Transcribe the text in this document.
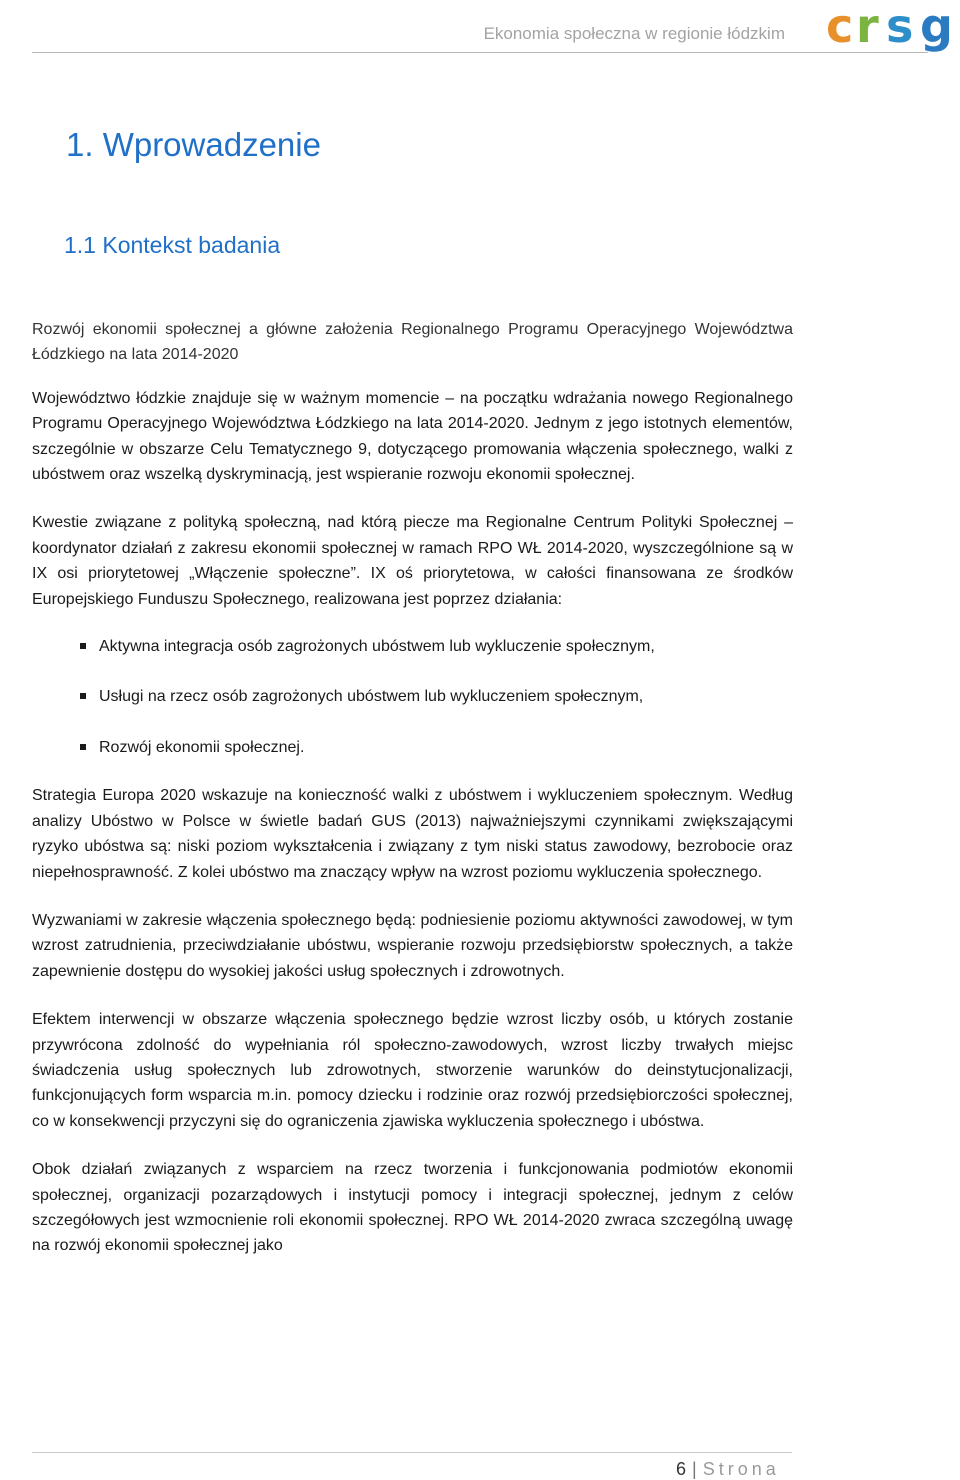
Ekonomia społeczna w regionie łódzkim c r s g
1. Wprowadzenie
1.1 Kontekst badania

Rozwój ekonomii społecznej a główne założenia Regionalnego Programu Operacyjnego Województwa Łódzkiego na lata 2014-2020

Województwo łódzkie znajduje się w ważnym momencie – na początku wdrażania nowego Regionalnego Programu Operacyjnego Województwa Łódzkiego na lata 2014-2020. Jednym z jego istotnych elementów, szczególnie w obszarze Celu Tematycznego 9, dotyczącego promowania włączenia społecznego, walki z ubóstwem oraz wszelką dyskryminacją, jest wspieranie rozwoju ekonomii społecznej.

Kwestie związane z polityką społeczną, nad którą piecze ma Regionalne Centrum Polityki Społecznej – koordynator działań z zakresu ekonomii społecznej w ramach RPO WŁ 2014-2020, wyszczególnione są w IX osi priorytetowej „Włączenie społeczne”. IX oś priorytetowa, w całości finansowana ze środków Europejskiego Funduszu Społecznego, realizowana jest poprzez działania:

Aktywna integracja osób zagrożonych ubóstwem lub wykluczenie społecznym,
Usługi na rzecz osób zagrożonych ubóstwem lub wykluczeniem społecznym,
Rozwój ekonomii społecznej.

Strategia Europa 2020 wskazuje na konieczność walki z ubóstwem i wykluczeniem społecznym. Według analizy Ubóstwo w Polsce w świetle badań GUS (2013) najważniejszymi czynnikami zwiększającymi ryzyko ubóstwa są: niski poziom wykształcenia i związany z tym niski status zawodowy, bezrobocie oraz niepełnosprawność. Z kolei ubóstwo ma znaczący wpływ na wzrost poziomu wykluczenia społecznego.

Wyzwaniami w zakresie włączenia społecznego będą: podniesienie poziomu aktywności zawodowej, w tym wzrost zatrudnienia, przeciwdziałanie ubóstwu, wspieranie rozwoju przedsiębiorstw społecznych, a także zapewnienie dostępu do wysokiej jakości usług społecznych i zdrowotnych.

Efektem interwencji w obszarze włączenia społecznego będzie wzrost liczby osób, u których zostanie przywrócona zdolność do wypełniania ról społeczno-zawodowych, wzrost liczby trwałych miejsc świadczenia usług społecznych lub zdrowotnych, stworzenie warunków do deinstytucjonalizacji, funkcjonujących form wsparcia m.in. pomocy dziecku i rodzinie oraz rozwój przedsiębiorczości społecznej, co w konsekwencji przyczyni się do ograniczenia zjawiska wykluczenia społecznego i ubóstwa.

Obok działań związanych z wsparciem na rzecz tworzenia i funkcjonowania podmiotów ekonomii społecznej, organizacji pozarządowych i instytucji pomocy i integracji społecznej, jednym z celów szczegółowych jest wzmocnienie roli ekonomii społecznej. RPO WŁ 2014-2020 zwraca szczególną uwagę na rozwój ekonomii społecznej jako

6 | Strona
